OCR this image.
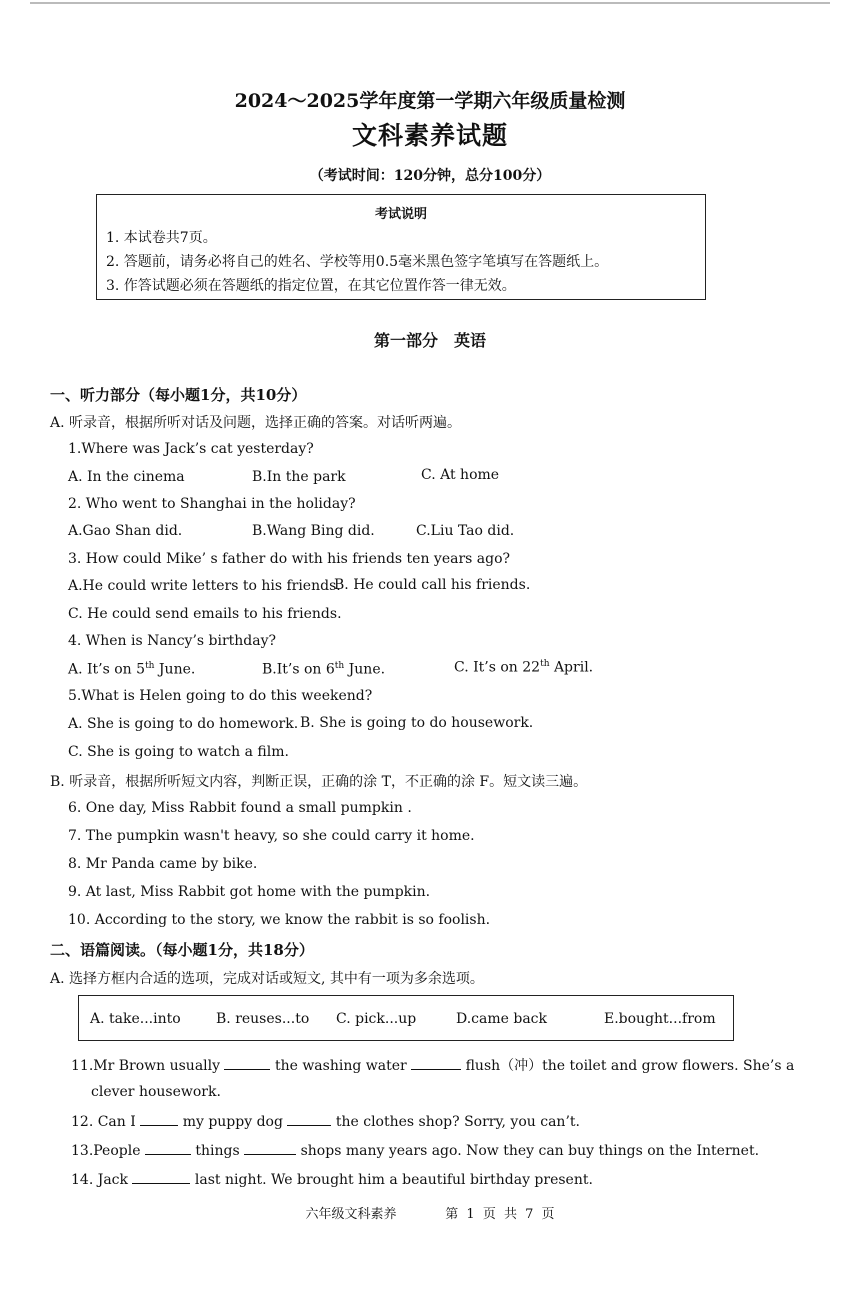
2024～2025学年度第一学期六年级质量检测
文科素养试题
（考试时间：120分钟，总分100分）
考试说明
1. 本试卷共7页。
2. 答题前，请务必将自己的姓名、学校等用0.5毫米黑色签字笔填写在答题纸上。
3. 作答试题必须在答题纸的指定位置，在其它位置作答一律无效。
第一部分　英语
一、听力部分（每小题1分，共10分）
A. 听录音，根据所听对话及问题，选择正确的答案。对话听两遍。
1.Where was Jack’s cat yesterday?
A. In the cinema	B.In the park	C. At home
2. Who went to Shanghai in the holiday?
A.Gao Shan did.	B.Wang Bing did.	C.Liu Tao did.
3. How could Mike’ s father do with his friends ten years ago?
A.He could write letters to his friends.
B. He could call his friends.
C. He could send emails to his friends.
4. When is Nancy’s birthday?
A. It’s on 5th June.	B.It’s on 6th June.	C. It’s on 22th April.
5.What is Helen going to do this weekend?
A. She is going to do homework. B. She is going to do housework.
C. She is going to watch a film.
B. 听录音，根据所听短文内容，判断正误，正确的涂 T，不正确的涂 F。短文读三遍。
6. One day, Miss Rabbit found a small pumpkin .
7. The pumpkin wasn't heavy, so she could carry it home.
8. Mr Panda came by bike.
9. At last, Miss Rabbit got home with the pumpkin.
10. According to the story, we know the rabbit is so foolish.
二、语篇阅读。（每小题1分，共18分）
A. 选择方框内合适的选项，完成对话或短文, 其中有一项为多余选项。
A. take...into	B. reuses...to C. pick...up	D.came back	E.bought...from
11.Mr Brown usually	the washing water	flush（冲）the toilet and grow flowers. She’s a
clever housework.
12. Can I	my puppy dog	the clothes shop? Sorry, you can’t.
13.People	things	shops many years ago. Now they can buy things on the Internet.
14. Jack	last night. We brought him a beautiful birthday present.
六年级文科素养	第 1 页 共 7 页
